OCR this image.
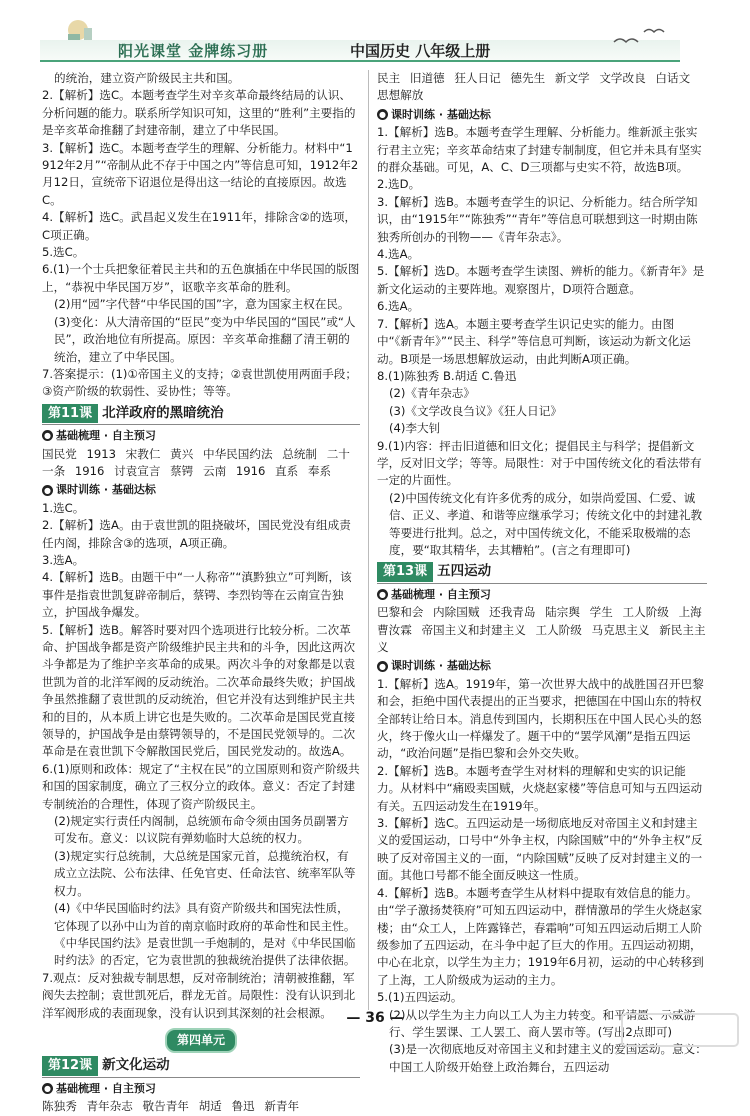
阳光课堂 金牌练习册	中国历史 八年级上册

的统治，建立资产阶级民主共和国。

2.【解析】选C。本题考查学生对辛亥革命最终结局的认识、分析问题的能力。联系所学知识可知，这里的“胜利”主要指的是辛亥革命推翻了封建帝制，建立了中华民国。

3.【解析】选C。本题考查学生的理解、分析能力。材料中“1912年2月”“帝制从此不存于中国之内”等信息可知，1912年2月12日，宣统帝下诏退位是得出这一结论的直接原因。故选C。

4.【解析】选C。武昌起义发生在1911年，排除含②的选项，C项正确。

5.选C。

6.(1)一个士兵把象征着民主共和的五色旗插在中华民国的版图上，“恭祝中华民国万岁”，讴歌辛亥革命的胜利。

(2)用“园”字代替“中华民国的国”字，意为国家主权在民。

(3)变化：从大清帝国的“臣民”变为中华民国的“国民”或“人民”，政治地位有所提高。原因：辛亥革命推翻了清王朝的统治，建立了中华民国。

7.答案提示：(1)①帝国主义的支持；②袁世凯使用两面手段；③资产阶级的软弱性、妥协性；等等。

第11课 北洋政府的黑暗统治
● 基础梳理 · 自主预习

国民党 1913 宋教仁 黄兴 中华民国约法 总统制 二十一条 1916 讨袁宣言 蔡锷 云南 1916 直系 奉系

● 课时训练 · 基础达标

1.选C。

2.【解析】选A。由于袁世凯的阻挠破坏，国民党没有组成责任内阁，排除含③的选项，A项正确。

3.选A。

4.【解析】选B。由题干中“一人称帝”“滇黔独立”可判断，该事件是指袁世凯复辟帝制后，蔡锷、李烈钧等在云南宣告独立，护国战争爆发。

5.【解析】选B。解答时要对四个选项进行比较分析。二次革命、护国战争都是资产阶级维护民主共和的斗争，因此这两次斗争都是为了维护辛亥革命的成果。两次斗争的对象都是以袁世凯为首的北洋军阀的反动统治。二次革命最终失败；护国战争虽然推翻了袁世凯的反动统治，但它并没有达到维护民主共和的目的，从本质上讲它也是失败的。二次革命是国民党直接领导的，护国战争是由蔡锷领导的，不是国民党领导的。二次革命是在袁世凯下令解散国民党后，国民党发动的。故选A。

6.(1)原则和政体：规定了“主权在民”的立国原则和资产阶级共和国的国家制度，确立了三权分立的政体。意义：否定了封建专制统治的合理性，体现了资产阶级民主。

(2)规定实行责任内阁制，总统颁布命令须由国务员副署方可发布。意义：以议院有弹劾临时大总统的权力。

(3)规定实行总统制，大总统是国家元首，总揽统治权，有成立立法院、公布法律、任免官吏、任命法官、统率军队等权力。

(4)《中华民国临时约法》具有资产阶级共和国宪法性质，它体现了以孙中山为首的南京临时政府的革命性和民主性。《中华民国约法》是袁世凯一手炮制的，是对《中华民国临时约法》的否定，它为袁世凯的独裁统治提供了法律依据。

7.观点：反对独裁专制思想，反对帝制统治；清朝被推翻，军阀失去控制；袁世凯死后，群龙无首。局限性：没有认识到北洋军阀形成的表面现象，没有认识到其深刻的社会根源。

第四单元
第12课 新文化运动
● 基础梳理 · 自主预习

陈独秀 青年杂志 敬告青年 胡适 鲁迅 新青年

民主 旧道德 狂人日记 德先生 新文学 文学改良 白话文 思想解放

● 课时训练 · 基础达标

1.【解析】选B。本题考查学生理解、分析能力。维新派主张实行君主立宪；辛亥革命结束了封建专制制度，但它并未具有坚实的群众基础。可见，A、C、D三项都与史实不符，故选B项。

2.选D。

3.【解析】选B。本题考查学生的识记、分析能力。结合所学知识，由“1915年”“陈独秀”“青年”等信息可联想到这一时期由陈独秀所创办的刊物——《青年杂志》。

4.选A。

5.【解析】选D。本题考查学生读图、辨析的能力。《新青年》是新文化运动的主要阵地。观察图片，D项符合题意。

6.选A。

7.【解析】选A。本题主要考查学生识记史实的能力。由图中“《新青年》”“民主、科学”等信息可判断，该运动为新文化运动。B项是一场思想解放运动，由此判断A项正确。

8.(1)陈独秀 B.胡适 C.鲁迅

(2)《青年杂志》

(3)《文学改良刍议》《狂人日记》

(4)李大钊

9.(1)内容：抨击旧道德和旧文化；提倡民主与科学；提倡新文学，反对旧文学；等等。局限性：对于中国传统文化的看法带有一定的片面性。

(2)中国传统文化有许多优秀的成分，如崇尚爱国、仁爱、诚信、正义、孝道、和谐等应继承学习；传统文化中的封建礼教等要进行批判。总之，对中国传统文化，不能采取极端的态度，要“取其精华，去其糟粕”。(言之有理即可)

第13课 五四运动
● 基础梳理 · 自主预习

巴黎和会 内除国贼 还我青岛 陆宗舆 学生 工人阶级 上海 曹汝霖 帝国主义和封建主义 工人阶级 马克思主义 新民主主义

● 课时训练 · 基础达标

1.【解析】选A。1919年，第一次世界大战中的战胜国召开巴黎和会，拒绝中国代表提出的正当要求，把德国在中国山东的特权全部转让给日本。消息传到国内，长期积压在中国人民心头的怒火，终于像火山一样爆发了。题干中的“罢学风潮”是指五四运动，“政治问题”是指巴黎和会外交失败。

2.【解析】选B。本题考查学生对材料的理解和史实的识记能力。从材料中“痛殴卖国贼，火烧赵家楼”等信息可知与五四运动有关。五四运动发生在1919年。

3.【解析】选C。五四运动是一场彻底地反对帝国主义和封建主义的爱国运动，口号中“外争主权，内除国贼”中的“外争主权”反映了反对帝国主义的一面，“内除国贼”反映了反对封建主义的一面。其他口号都不能全面反映这一性质。

4.【解析】选B。本题考查学生从材料中提取有效信息的能力。由“学子激扬焚筷府”可知五四运动中，群情激昂的学生火烧赵家楼；由“众工人，上阵露锋芒，春霜响”可知五四运动后期工人阶级参加了五四运动，在斗争中起了巨大的作用。五四运动初期，中心在北京，以学生为主力；1919年6月初，运动的中心转移到了上海，工人阶级成为运动的主力。

5.(1)五四运动。

(2)从以学生为主力向以工人为主力转变。和平请愿、示威游行、学生罢课、工人罢工、商人罢市等。(写出2点即可)

(3)是一次彻底地反对帝国主义和封建主义的爱国运动。意义：中国工人阶级开始登上政治舞台，五四运动

— 36 —
